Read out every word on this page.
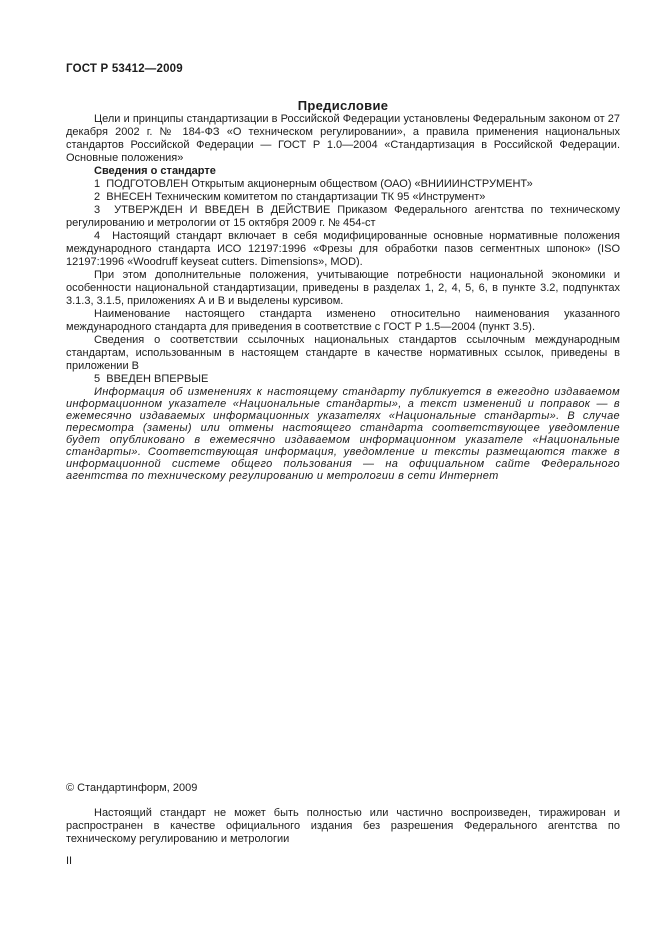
ГОСТ Р 53412—2009
Предисловие

Цели и принципы стандартизации в Российской Федерации установлены Федеральным законом от 27 декабря 2002 г. № 184-ФЗ «О техническом регулировании», а правила применения национальных стандартов Российской Федерации — ГОСТ Р 1.0—2004 «Стандартизация в Российской Федерации. Основные положения»

Сведения о стандарте

1  ПОДГОТОВЛЕН Открытым акционерным обществом (ОАО) «ВНИИИНСТРУМЕНТ»

2  ВНЕСЕН Техническим комитетом по стандартизации ТК 95 «Инструмент»

3  УТВЕРЖДЕН И ВВЕДЕН В ДЕЙСТВИЕ Приказом Федерального агентства по техническому регулированию и метрологии от 15 октября 2009 г. № 454-ст

4  Настоящий стандарт включает в себя модифицированные основные нормативные положения международного стандарта ИСО 12197:1996 «Фрезы для обработки пазов сегментных шпонок» (ISO 12197:1996 «Woodruff keyseat cutters. Dimensions», MOD).

При этом дополнительные положения, учитывающие потребности национальной экономики и особенности национальной стандартизации, приведены в разделах 1, 2, 4, 5, 6, в пункте 3.2, подпунктах 3.1.3, 3.1.5, приложениях А и В и выделены курсивом.

Наименование настоящего стандарта изменено относительно наименования указанного международного стандарта для приведения в соответствие с ГОСТ Р 1.5—2004 (пункт 3.5).

Сведения о соответствии ссылочных национальных стандартов ссылочным международным стандартам, использованным в настоящем стандарте в качестве нормативных ссылок, приведены в приложении В

5  ВВЕДЕН ВПЕРВЫЕ

Информация об изменениях к настоящему стандарту публикуется в ежегодно издаваемом информационном указателе «Национальные стандарты», а текст изменений и поправок — в ежемесячно издаваемых информационных указателях «Национальные стандарты». В случае пересмотра (замены) или отмены настоящего стандарта соответствующее уведомление будет опубликовано в ежемесячно издаваемом информационном указателе «Национальные стандарты». Соответствующая информация, уведомление и тексты размещаются также в информационной системе общего пользования — на официальном сайте Федерального агентства по техническому регулированию и метрологии в сети Интернет

© Стандартинформ, 2009

Настоящий стандарт не может быть полностью или частично воспроизведен, тиражирован и распространен в качестве официального издания без разрешения Федерального агентства по техническому регулированию и метрологии

II
